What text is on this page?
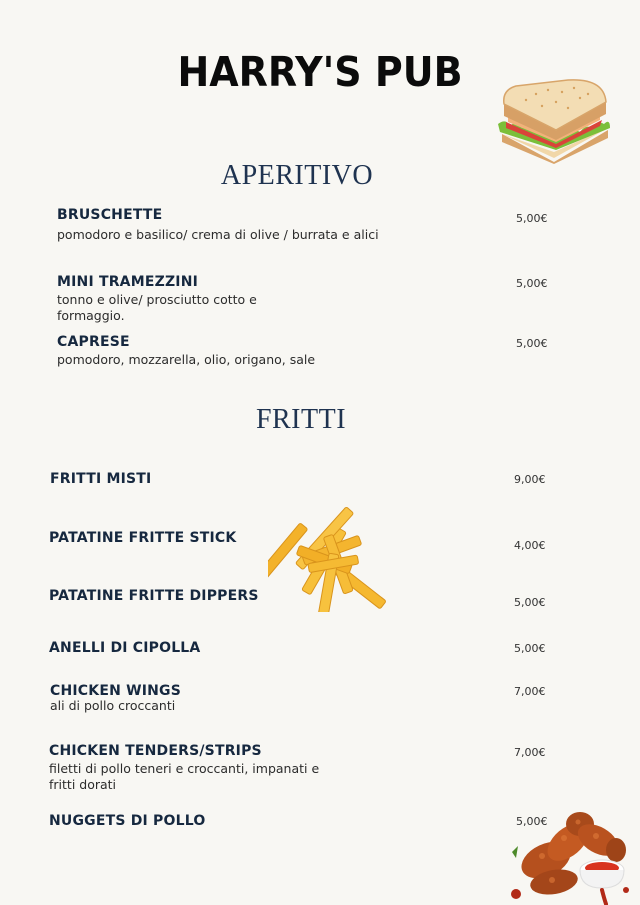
HARRY'S PUB
APERITIVO
BRUSCHETTE
pomodoro e basilico/ crema di olive / burrata e alici
5,00€
MINI TRAMEZZINI
tonno e olive/ prosciutto cotto e formaggio.
5,00€
CAPRESE
pomodoro, mozzarella, olio, origano, sale
5,00€
FRITTI
FRITTI MISTI	9,00€
PATATINE FRITTE STICK	4,00€
PATATINE FRITTE DIPPERS	5,00€
ANELLI DI CIPOLLA	5,00€
CHICKEN WINGS
ali di pollo croccanti
7,00€
CHICKEN TENDERS/STRIPS
filetti di pollo teneri e croccanti, impanati e fritti dorati
7,00€
NUGGETS DI POLLO	5,00€
